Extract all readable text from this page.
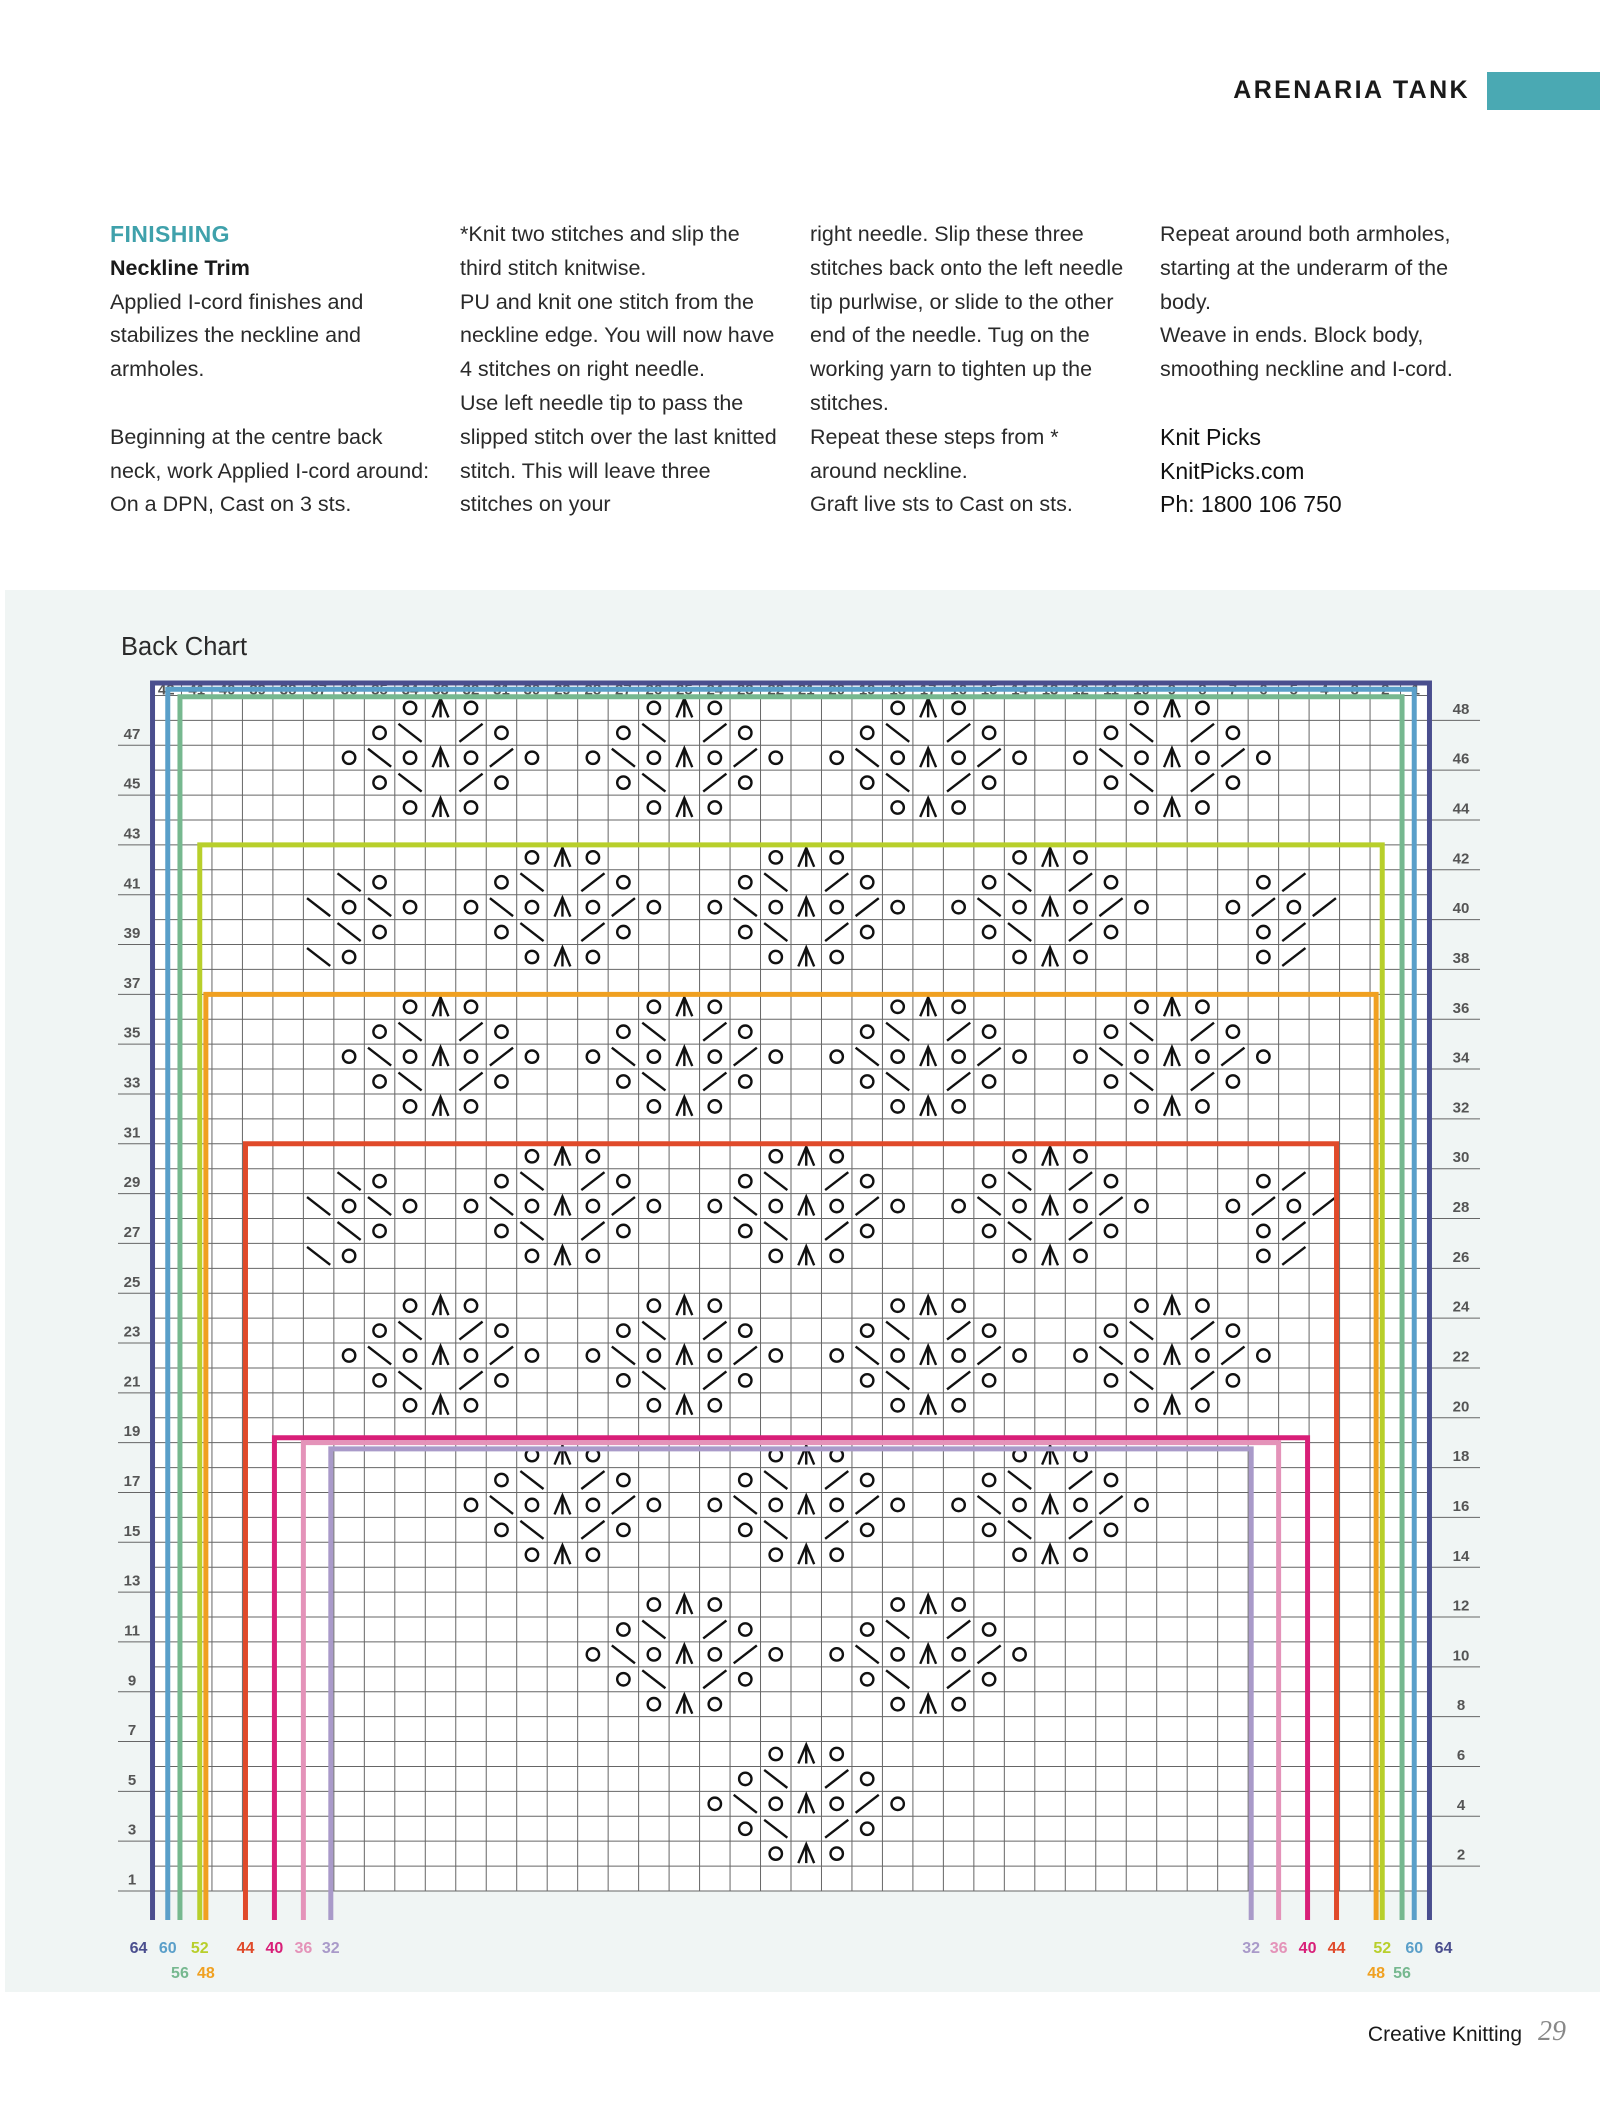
ARENARIA TANK

FINISHING

Neckline Trim

Applied I-cord finishes and stabilizes the neckline and armholes.

Beginning at the centre back neck, work Applied I-cord around:

On a DPN, Cast on 3 sts.

*Knit two stitches and slip the third stitch knitwise.

PU and knit one stitch from the neckline edge. You will now have 4 stitches on right needle.

Use left needle tip to pass the slipped stitch over the last knitted stitch. This will leave three stitches on your

right needle. Slip these three stitches back onto the left needle tip purlwise, or slide to the other end of the needle. Tug on the working yarn to tighten up the stitches.

Repeat these steps from * around neckline.

Graft live sts to Cast on sts.

Repeat around both armholes, starting at the underarm of the body.

Weave in ends. Block body, smoothing neckline and I-cord.

Knit Picks

KnitPicks.com

Ph: 1800 106 750

Back Chart
42 41 40 39 38 37 36 35 34 33 32 31 30 29 28 27 26 25 24 23 22 21 20 19 18 17 16 15 14 13 12 11 10 9 8 7 6 5 4 3 2 1
47
45
43
41
39
37
35
33
31
29
27
25
23
21
19
17
15
13
11
9
7
5
3
1
48
46
44
42
40
38
36
34
32
30
28
26
24
22
20
18
16
14
12
10
8
6
4
2
64	64
60	60
56	56
52	52
48	48
44	44
40	40
36	36
32	32
Creative Knitting 29
